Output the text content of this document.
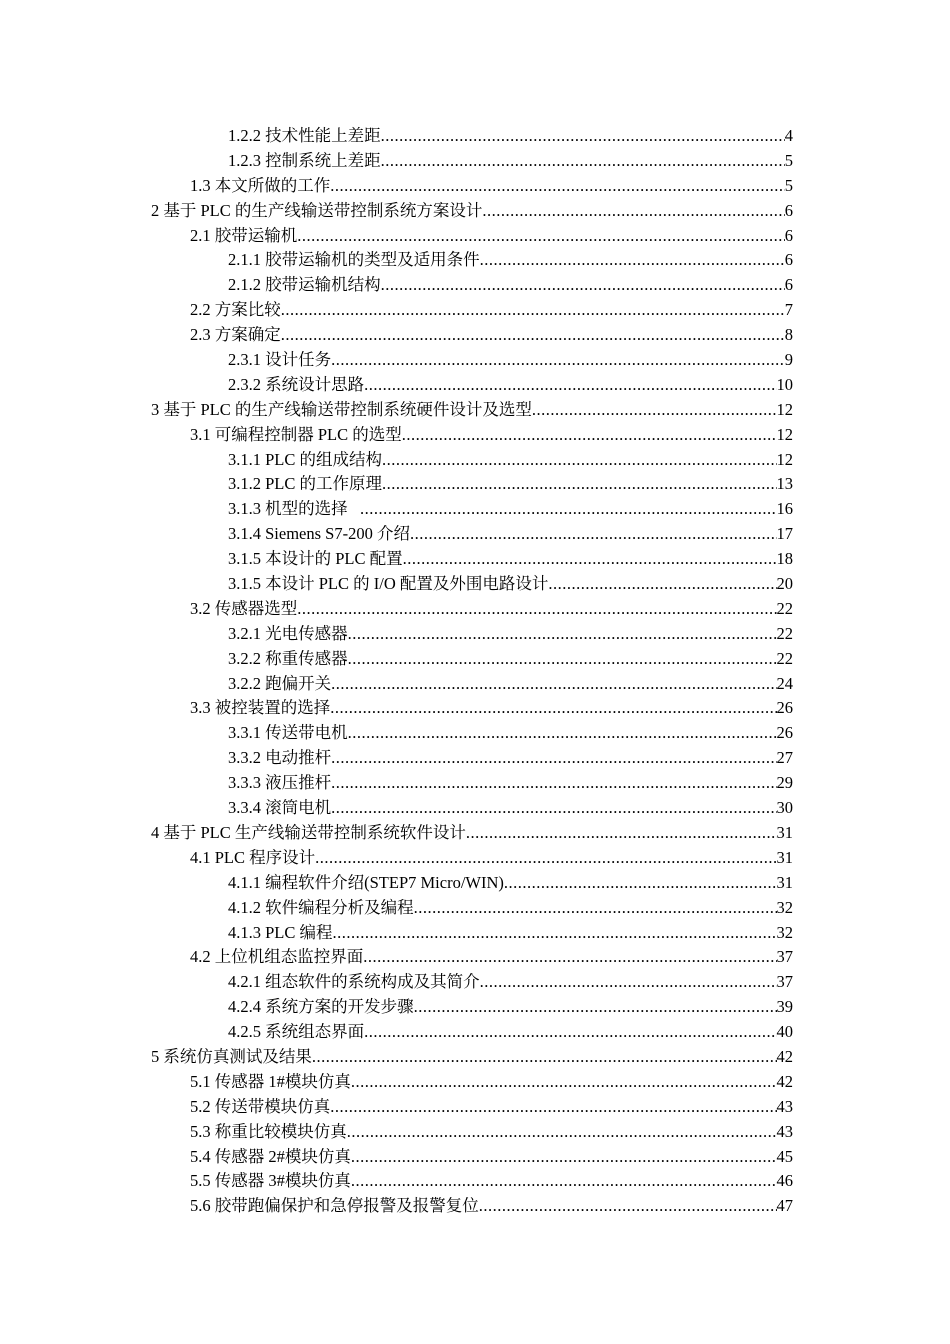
1.2.2 技术性能上差距 .....	4
1.2.3 控制系统上差距 .....	5
1.3 本文所做的工作 .....	5
2 基于 PLC 的生产线输送带控制系统方案设计 .....	6
2.1 胶带运输机 .....	6
2.1.1 胶带运输机的类型及适用条件 .....	6
2.1.2 胶带运输机结构 .....	6
2.2 方案比较 .....	7
2.3 方案确定 .....	8
2.3.1 设计任务 .....	9
2.3.2 系统设计思路 .....	10
3 基于 PLC 的生产线输送带控制系统硬件设计及选型 .....	12
3.1 可编程控制器 PLC 的选型 .....	12
3.1.1 PLC 的组成结构 .....	12
3.1.2 PLC 的工作原理 .....	13
3.1.3 机型的选择 .....	16
3.1.4 Siemens S7-200 介绍 .....	17
3.1.5 本设计的 PLC 配置 .....	18
3.1.5 本设计 PLC 的 I/O 配置及外围电路设计 .....	20
3.2 传感器选型 .....	22
3.2.1 光电传感器 .....	22
3.2.2 称重传感器 .....	22
3.2.2 跑偏开关 .....	24
3.3 被控装置的选择 .....	26
3.3.1 传送带电机 .....	26
3.3.2 电动推杆 .....	27
3.3.3 液压推杆 .....	29
3.3.4 滚筒电机 .....	30
4 基于 PLC 生产线输送带控制系统软件设计 .....	31
4.1 PLC 程序设计 .....	31
4.1.1 编程软件介绍(STEP7 Micro/WIN) .....	31
4.1.2 软件编程分析及编程 .....	32
4.1.3 PLC 编程 .....	32
4.2 上位机组态监控界面 .....	37
4.2.1 组态软件的系统构成及其简介 .....	37
4.2.4 系统方案的开发步骤 .....	39
4.2.5 系统组态界面 .....	40
5 系统仿真测试及结果 .....	42
5.1 传感器 1#模块仿真 .....	42
5.2 传送带模块仿真 .....	43
5.3 称重比较模块仿真 .....	43
5.4 传感器 2#模块仿真 .....	45
5.5 传感器 3#模块仿真 .....	46
5.6 胶带跑偏保护和急停报警及报警复位 .....	47
